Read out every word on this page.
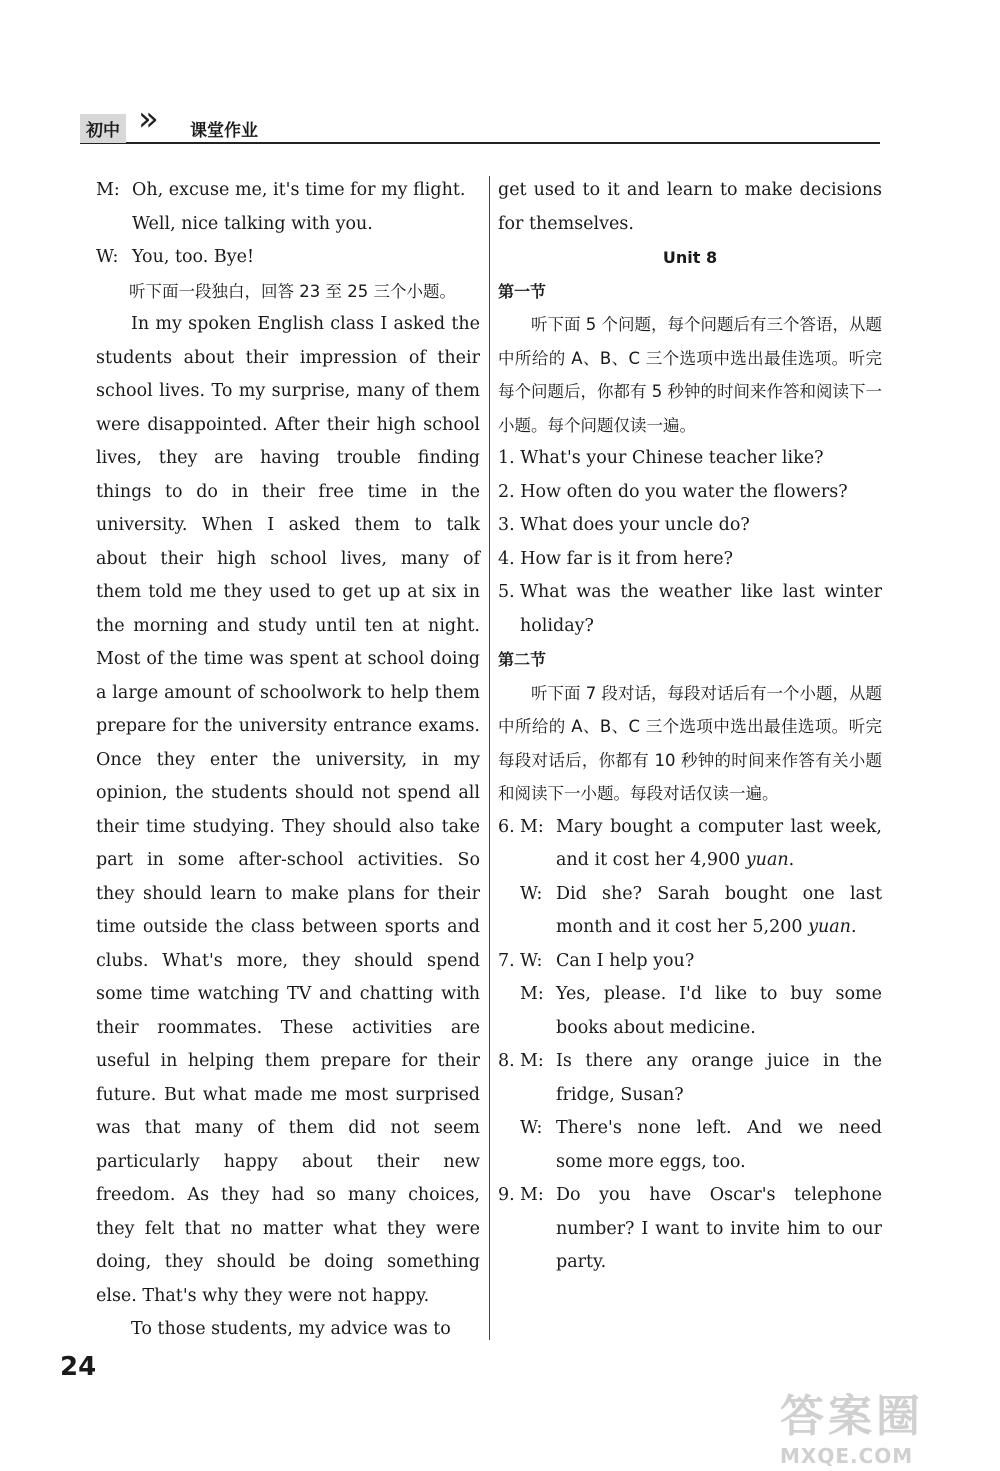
初中 » 课堂作业
M: Oh, excuse me, it's time for my flight.
Well, nice talking with you.
W: You, too. Bye!

听下面一段独白，回答 23 至 25 三个小题。

In my spoken English class I asked the students about their impression of their school lives. To my surprise, many of them were disappointed. After their high school lives, they are having trouble finding things to do in their free time in the university. When I asked them to talk about their high school lives, many of them told me they used to get up at six in the morning and study until ten at night. Most of the time was spent at school doing a large amount of schoolwork to help them prepare for the university entrance exams. Once they enter the university, in my opinion, the students should not spend all their time studying. They should also take part in some after-school activities. So they should learn to make plans for their time outside the class between sports and clubs. What's more, they should spend some time watching TV and chatting with their roommates. These activities are useful in helping them prepare for their future. But what made me most surprised was that many of them did not seem particularly happy about their new freedom. As they had so many choices, they felt that no matter what they were doing, they should be doing something else. That's why they were not happy.

To those students, my advice was to

get used to it and learn to make decisions for themselves.

Unit 8

第一节

听下面 5 个问题，每个问题后有三个答语，从题中所给的 A、B、C 三个选项中选出最佳选项。听完每个问题后，你都有 5 秒钟的时间来作答和阅读下一小题。每个问题仅读一遍。

1. What's your Chinese teacher like?

2. How often do you water the flowers?

3. What does your uncle do?

4. How far is it from here?

5. What was the weather like last winter holiday?

第二节

听下面 7 段对话，每段对话后有一个小题，从题中所给的 A、B、C 三个选项中选出最佳选项。听完每段对话后，你都有 10 秒钟的时间来作答有关小题和阅读下一小题。每段对话仅读一遍。

6. M: Mary bought a computer last week, and it cost her 4,900 yuan.
W: Did she? Sarah bought one last month and it cost her 5,200 yuan.
7. W: Can I help you?
M: Yes, please. I'd like to buy some books about medicine.
8. M: Is there any orange juice in the fridge, Susan?
W: There's none left. And we need some more eggs, too.
9. M: Do you have Oscar's telephone number? I want to invite him to our party.
24
答案圈
MXQE.COM
